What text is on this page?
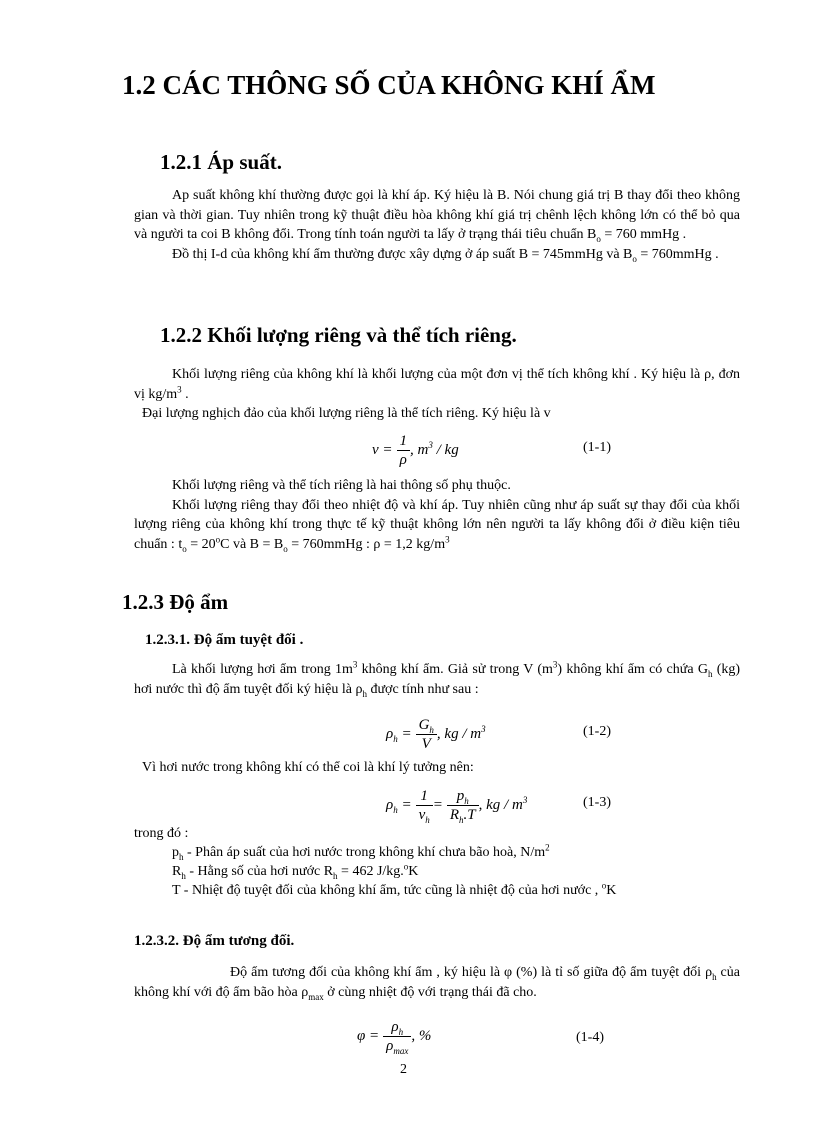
1.2 CÁC THÔNG SỐ CỦA KHÔNG KHÍ ẨM
1.2.1 Áp suất.

Ap suất không khí thường được gọi là khí áp. Ký hiệu là B. Nói chung giá trị B thay đổi theo không gian và thời gian. Tuy nhiên trong kỹ thuật điều hòa không khí giá trị chênh lệch không lớn có thể bỏ qua và người ta coi B không đổi. Trong tính toán người ta lấy ở trạng thái tiêu chuẩn $B_o = 760$ mmHg .

Đồ thị I-d của không khí ẩm thường được xây dựng ở áp suất B = 745mmHg và $B_o$ = 760mmHg .

1.2.2 Khối lượng riêng và thể tích riêng.

Khối lượng riêng của không khí là khối lượng của một đơn vị thể tích không khí . Ký hiệu là ρ, đơn vị $kg/m^3$ .

Đại lượng nghịch đảo của khối lượng riêng là thể tích riêng. Ký hiệu là v

$v = \frac{1}{\rho}$ , $m^3$ / kg	(1-1)

Khối lượng riêng và thể tích riêng là hai thông số phụ thuộc.

Khối lượng riêng thay đổi theo nhiệt độ và khí áp. Tuy nhiên cũng như áp suất sự thay đổi của khối lượng riêng của không khí trong thực tế kỹ thuật không lớn nên người ta lấy không đổi ở điều kiện tiêu chuẩn : $t_o = 20^oC$ và $B = B_o$ = 760mmHg : ρ = 1,2 $kg/m^3$

1.2.3 Độ ẩm
1.2.3.1. Độ ẩm tuyệt đối .

Là khối lượng hơi ẩm trong $1m^3$ không khí ẩm. Giả sử trong V $(m^3)$ không khí ẩm có chứa $G_h$ (kg) hơi nước thì độ ẩm tuyệt đối ký hiệu là $\rho_h$ được tính như sau :

$\rho_h = \frac{G_h}{V}$ , kg / $m^3$	(1-2)
Vì hơi nước trong không khí có thể coi là khí lý tưởng nên:
$\rho_h = \frac{1}{v_h} = \frac{p_h}{R_h.T}$ , kg / $m^3$	(1-3)
trong đó :
$p_h$ - Phân áp suất của hơi nước trong không khí chưa bão hoà, $N/m^2$
$R_h$ - Hằng số của hơi nước $R_h = 462$ J/kg.$^o$K
T - Nhiệt độ tuyệt đối của không khí ẩm, tức cũng là nhiệt độ của hơi nước , $^o$K
1.2.3.2. Độ ẩm tương đối.

Độ ẩm tương đối của không khí ẩm , ký hiệu là φ (%) là tỉ số giữa độ ẩm tuyệt đối $\rho_h$ của không khí với độ ẩm bão hòa $\rho_{max}$ ở cùng nhiệt độ với trạng thái đã cho.

$\varphi = \frac{\rho_h}{\rho_{max}}$ , %	(1-4)
2
